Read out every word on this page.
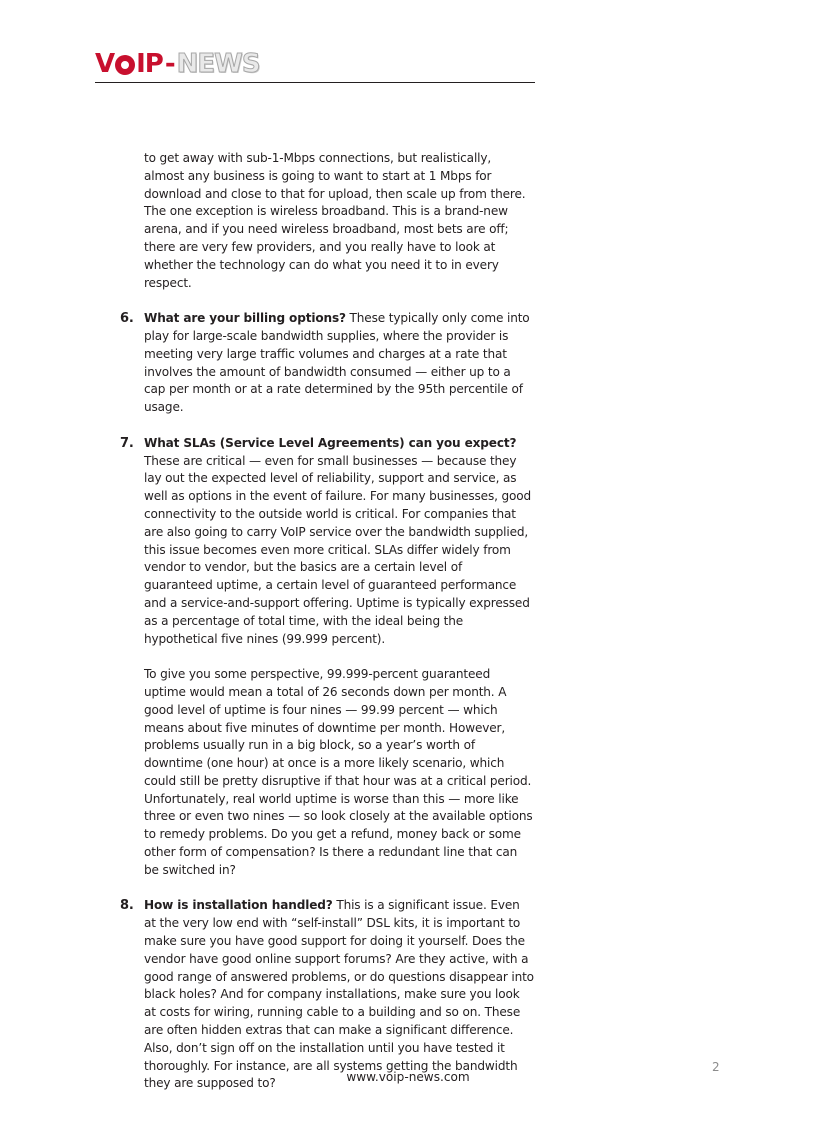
V IP - NEWS

to get away with sub-1-Mbps connections, but realistically, almost any business is going to want to start at 1 Mbps for download and close to that for upload, then scale up from there. The one exception is wireless broadband. This is a brand-new arena, and if you need wireless broadband, most bets are off; there are very few providers, and you really have to look at whether the technology can do what you need it to in every respect.

6. What are your billing options? These typically only come into play for large-scale bandwidth supplies, where the provider is meeting very large traffic volumes and charges at a rate that involves the amount of bandwidth consumed — either up to a cap per month or at a rate determined by the 95th percentile of usage.

7. What SLAs (Service Level Agreements) can you expect? These are critical — even for small businesses — because they lay out the expected level of reliability, support and service, as well as options in the event of failure. For many businesses, good connectivity to the outside world is critical. For companies that are also going to carry VoIP service over the bandwidth supplied, this issue becomes even more critical. SLAs differ widely from vendor to vendor, but the basics are a certain level of guaranteed uptime, a certain level of guaranteed performance and a service-and-support offering. Uptime is typically expressed as a percentage of total time, with the ideal being the hypothetical five nines (99.999 percent).

To give you some perspective, 99.999-percent guaranteed uptime would mean a total of 26 seconds down per month. A good level of uptime is four nines — 99.99 percent — which means about five minutes of downtime per month. However, problems usually run in a big block, so a year’s worth of downtime (one hour) at once is a more likely scenario, which could still be pretty disruptive if that hour was at a critical period. Unfortunately, real world uptime is worse than this — more like three or even two nines — so look closely at the available options to remedy problems. Do you get a refund, money back or some other form of compensation? Is there a redundant line that can be switched in?

8. How is installation handled? This is a significant issue. Even at the very low end with “self-install” DSL kits, it is important to make sure you have good support for doing it yourself. Does the vendor have good online support forums? Are they active, with a good range of answered problems, or do questions disappear into black holes? And for company installations, make sure you look at costs for wiring, running cable to a building and so on. These are often hidden extras that can make a significant difference. Also, don’t sign off on the installation until you have tested it thoroughly. For instance, are all systems getting the bandwidth they are supposed to?	www.voip-news.com
2
